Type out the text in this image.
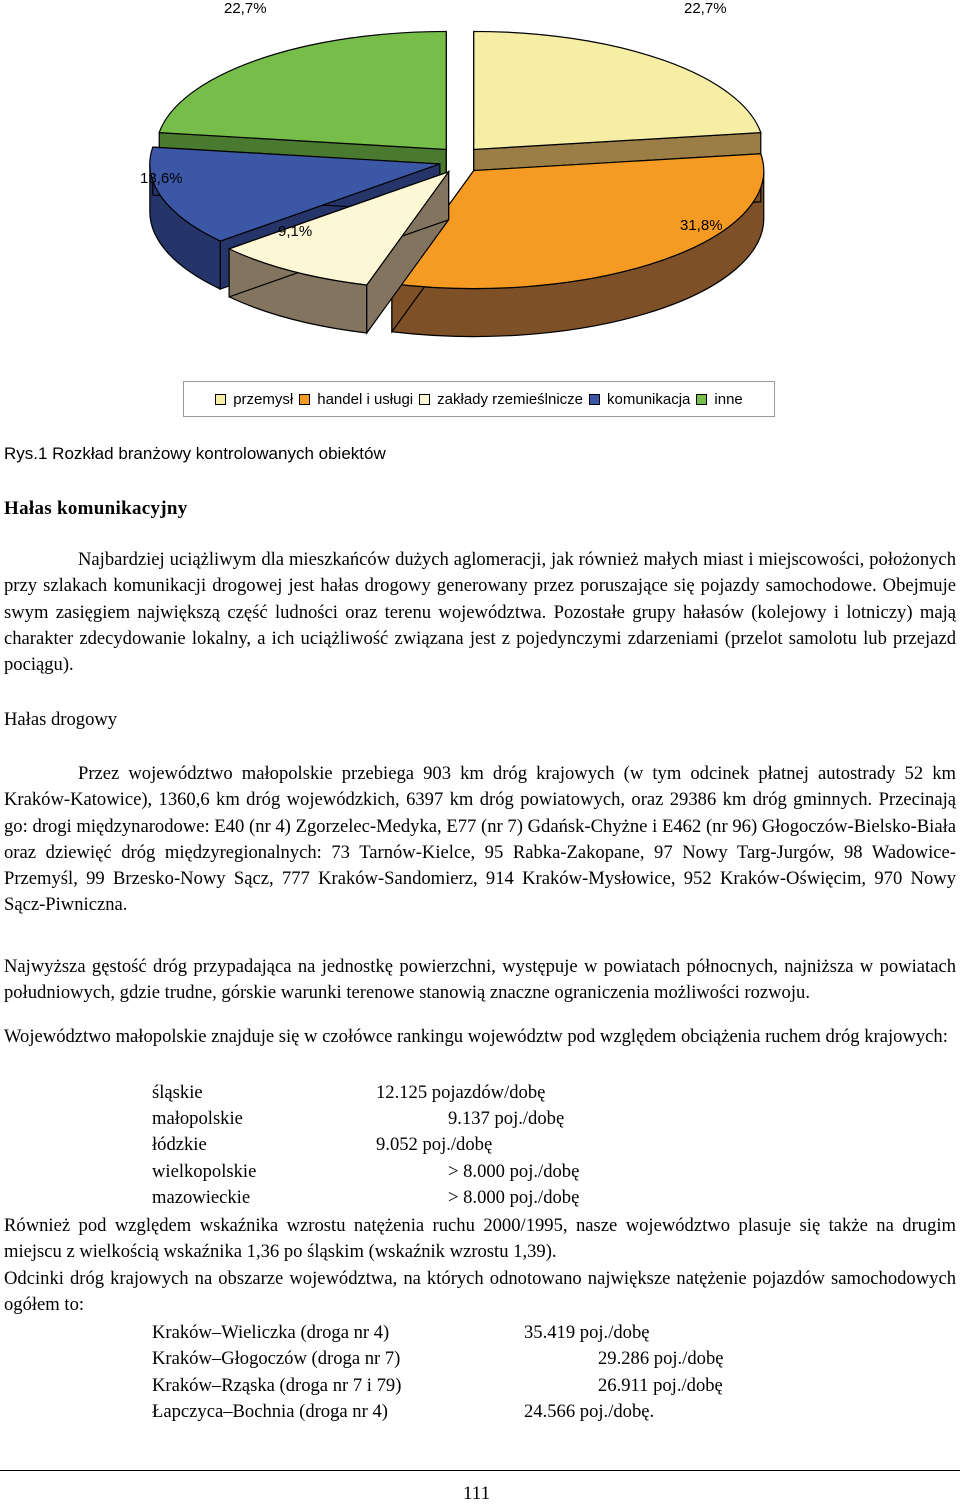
22,7%	22,7%
13,6%
9,1%	31,8%
przemysł handel i usługi zakłady rzemieślnicze komunikacja inne
Rys.1 Rozkład branżowy kontrolowanych obiektów
Hałas komunikacyjny

Najbardziej uciążliwym dla mieszkańców dużych aglomeracji, jak również małych miast i miejscowości, położonych przy szlakach komunikacji drogowej jest hałas drogowy generowany przez poruszające się pojazdy samochodowe. Obejmuje swym zasięgiem największą część ludności oraz terenu województwa. Pozostałe grupy hałasów (kolejowy i lotniczy) mają charakter zdecydowanie lokalny, a ich uciążliwość związana jest z pojedynczymi zdarzeniami (przelot samolotu lub przejazd pociągu).

Hałas drogowy

Przez województwo małopolskie przebiega 903 km dróg krajowych (w tym odcinek płatnej autostrady 52 km Kraków-Katowice), 1360,6 km dróg wojewódzkich, 6397 km dróg powiatowych, oraz 29386 km dróg gminnych. Przecinają go: drogi międzynarodowe: E40 (nr 4) Zgorzelec-Medyka, E77 (nr 7) Gdańsk-Chyżne i E462 (nr 96) Głogoczów-Bielsko-Biała oraz dziewięć dróg międzyregionalnych: 73 Tarnów-Kielce, 95 Rabka-Zakopane, 97 Nowy Targ-Jurgów, 98 Wadowice-Przemyśl, 99 Brzesko-Nowy Sącz, 777 Kraków-Sandomierz, 914 Kraków-Mysłowice, 952 Kraków-Oświęcim, 970 Nowy Sącz-Piwniczna.

Najwyższa gęstość dróg przypadająca na jednostkę powierzchni, występuje w powiatach północnych, najniższa w powiatach południowych, gdzie trudne, górskie warunki terenowe stanowią znaczne ograniczenia możliwości rozwoju.

Województwo małopolskie znajduje się w czołówce rankingu województw pod względem obciążenia ruchem dróg krajowych:

śląskie	12.125 pojazdów/dobę
małopolskie	9.137 poj./dobę
łódzkie	9.052 poj./dobę
wielkopolskie	> 8.000 poj./dobę
mazowieckie	> 8.000 poj./dobę

Również pod względem wskaźnika wzrostu natężenia ruchu 2000/1995, nasze województwo plasuje się także na drugim miejscu z wielkością wskaźnika 1,36 po śląskim (wskaźnik wzrostu 1,39).

Odcinki dróg krajowych na obszarze województwa, na których odnotowano największe natężenie pojazdów samochodowych ogółem to:

Kraków–Wieliczka (droga nr 4)	35.419 poj./dobę
Kraków–Głogoczów (droga nr 7)	29.286 poj./dobę
Kraków–Rząska (droga nr 7 i 79)	26.911 poj./dobę
Łapczyca–Bochnia (droga nr 4)	24.566 poj./dobę.
111
